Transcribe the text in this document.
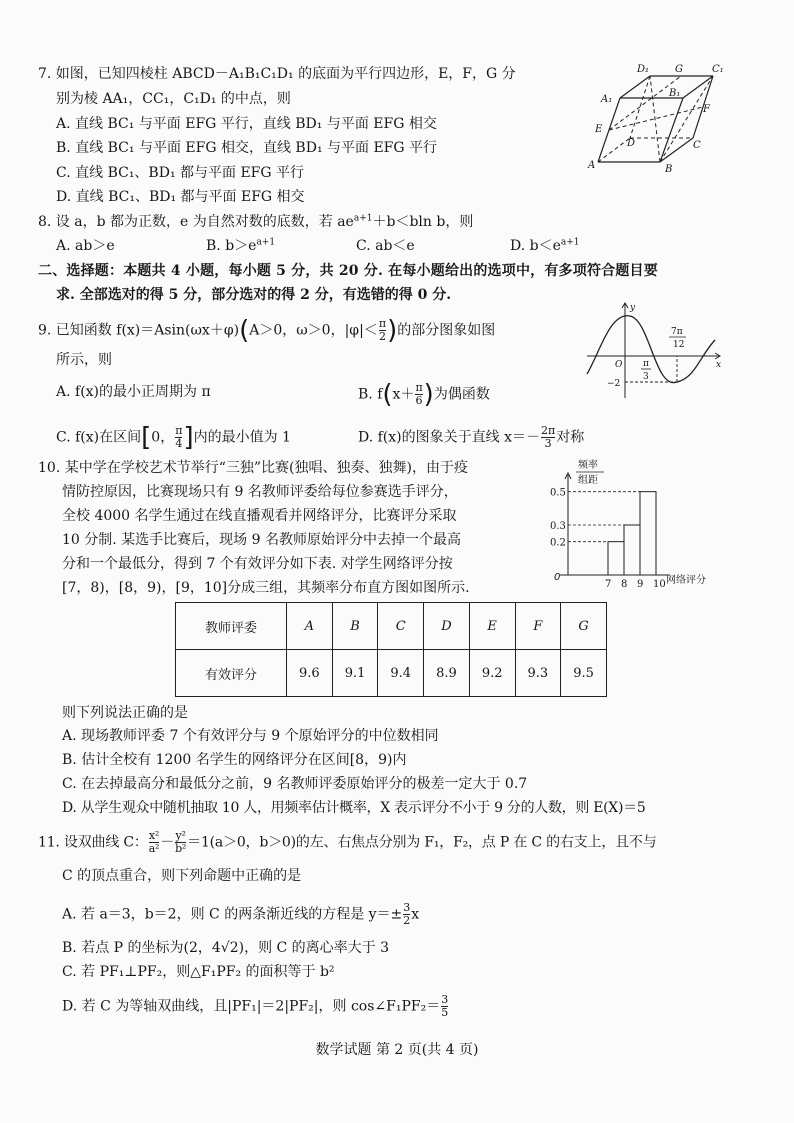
7. 如图，已知四棱柱 ABCD－A₁B₁C₁D₁ 的底面为平行四边形，E，F，G 分
别为棱 AA₁，CC₁，C₁D₁ 的中点，则
A. 直线 BC₁ 与平面 EFG 平行，直线 BD₁ 与平面 EFG 相交
B. 直线 BC₁ 与平面 EFG 相交，直线 BD₁ 与平面 EFG 平行
C. 直线 BC₁、BD₁ 都与平面 EFG 平行
D. 直线 BC₁、BD₁ 都与平面 EFG 相交
D₁	G	C₁
A₁
B₁
F
E
D	C
A	B
8. 设 a，b 都为正数，e 为自然对数的底数，若 $ae^{a+1}+b<bln$ b，则
A. ab＞e	B. $b>e^{a+1}$	C. ab＜e	D. $b<e^{a+1}$
二、选择题：本题共 4 小题，每小题 5 分，共 20 分. 在每小题给出的选项中，有多项符合题目要
求. 全部选对的得 5 分，部分选对的得 2 分，有选错的得 0 分.
9. 已知函数 f(x)＝Asin(ωx＋φ)(A＞0，ω＞0，$|\varphi|< \frac{\pi}{2}$ )的部分图象如图
所示，则
A. f(x)的最小正周期为 π	B. $f(x+ \frac{\pi}{6}$ )为偶函数
C. f(x)在区间[0， $\frac{\pi}{4}$ ]内的最小值为 1	D. f(x)的图象关于直线 $x=- \frac{2\pi}{3}$ 对称
y
x
O
7π
12
π
3
−2
10. 某中学在学校艺术节举行“三独”比赛(独唱、独奏、独舞)，由于疫
情防控原因，比赛现场只有 9 名教师评委给每位参赛选手评分，
全校 4000 名学生通过在线直播观看并网络评分，比赛评分采取
10 分制. 某选手比赛后，现场 9 名教师原始评分中去掉一个最高
分和一个最低分，得到 7 个有效评分如下表. 对学生网络评分按
[7，8)，[8，9)，[9，10]分成三组，其频率分布直方图如图所示.
频率
组距
网络评分
0
0.2
0.3
0.5
7 8 9 10
教师评委	A	B	C	D	E	F	G
有效评分	9.6	9.1	9.4	8.9	9.2	9.3	9.5
则下列说法正确的是
A. 现场教师评委 7 个有效评分与 9 个原始评分的中位数相同
B. 估计全校有 1200 名学生的网络评分在区间[8，9)内
C. 在去掉最高分和最低分之前，9 名教师评委原始评分的极差一定大于 0.7
D. 从学生观众中随机抽取 10 人，用频率估计概率，X 表示评分不小于 9 分的人数，则 E(X)＝5
11. 设双曲线 C： $\frac{\text{x²}}{\text{a²}} - \frac{\text{y²}}{\text{b²}} =1(a>0$，b＞0)的左、右焦点分别为 F₁，F₂，点 P 在 C 的右支上，且不与
C 的顶点重合，则下列命题中正确的是
A. 若 a＝3，b＝2，则 C 的两条渐近线的方程是 $y=\pm \frac{3}{2}$ x
B. 若点 P 的坐标为(2，4√2)，则 C 的离心率大于 3
C. 若 PF₁⊥PF₂，则△F₁PF₂ 的面积等于 b²
D. 若 C 为等轴双曲线，且|PF₁|＝2|PF₂|，则 cos∠F₁PF₂＝ $\frac{3}{5}$
数学试题 第 2 页(共 4 页)
